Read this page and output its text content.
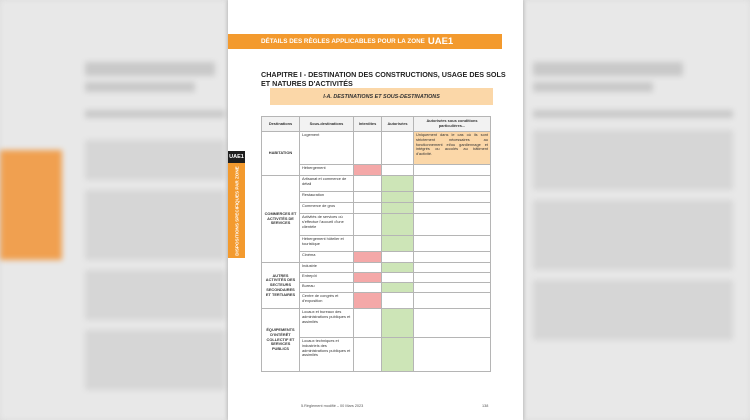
DÉTAILS DES RÈGLES APPLICABLES POUR LA ZONE UAE1
UAE1
DISPOSITIONS SPECIFIQUES PAR ZONE
CHAPITRE I - DESTINATION DES CONSTRUCTIONS, USAGE DES SOLS ET NATURES D'ACTIVITÉS
I-A. DESTINATIONS ET SOUS-DESTINATIONS
Destinations	Sous-destinations	Interdites	Autorisées	Autorisées sous conditions particulières...
HABITATION	Logement			Uniquement dans le cas où ils sont strictement nécessaires au fonctionnement et/ou gardiennage et intégrés ou accolés au bâtiment d'activité.
	Hébergement			
COMMERCES ET ACTIVITÉS DE SERVICES	Artisanat et commerce de détail			
	Restauration			
	Commerce de gros			
	Activités de services où s'effectue l'accueil d'une clientèle			
	Hébergement hôtelier et touristique			
	Cinéma			
AUTRES ACTIVITÉS DES SECTEURS SECONDAIRES ET TERTIAIRES	Industrie			
	Entrepôt			
	Bureau			
	Centre de congrès et d'exposition			
ÉQUIPEMENTS D'INTÉRÊT COLLECTIF ET SERVICES PUBLICS	Locaux et bureaux des administrations publiques et assimilés			
	Locaux techniques et industriels des administrations publiques et assimilés			
5.Règlement modifié – 00 Mars 2023	138
